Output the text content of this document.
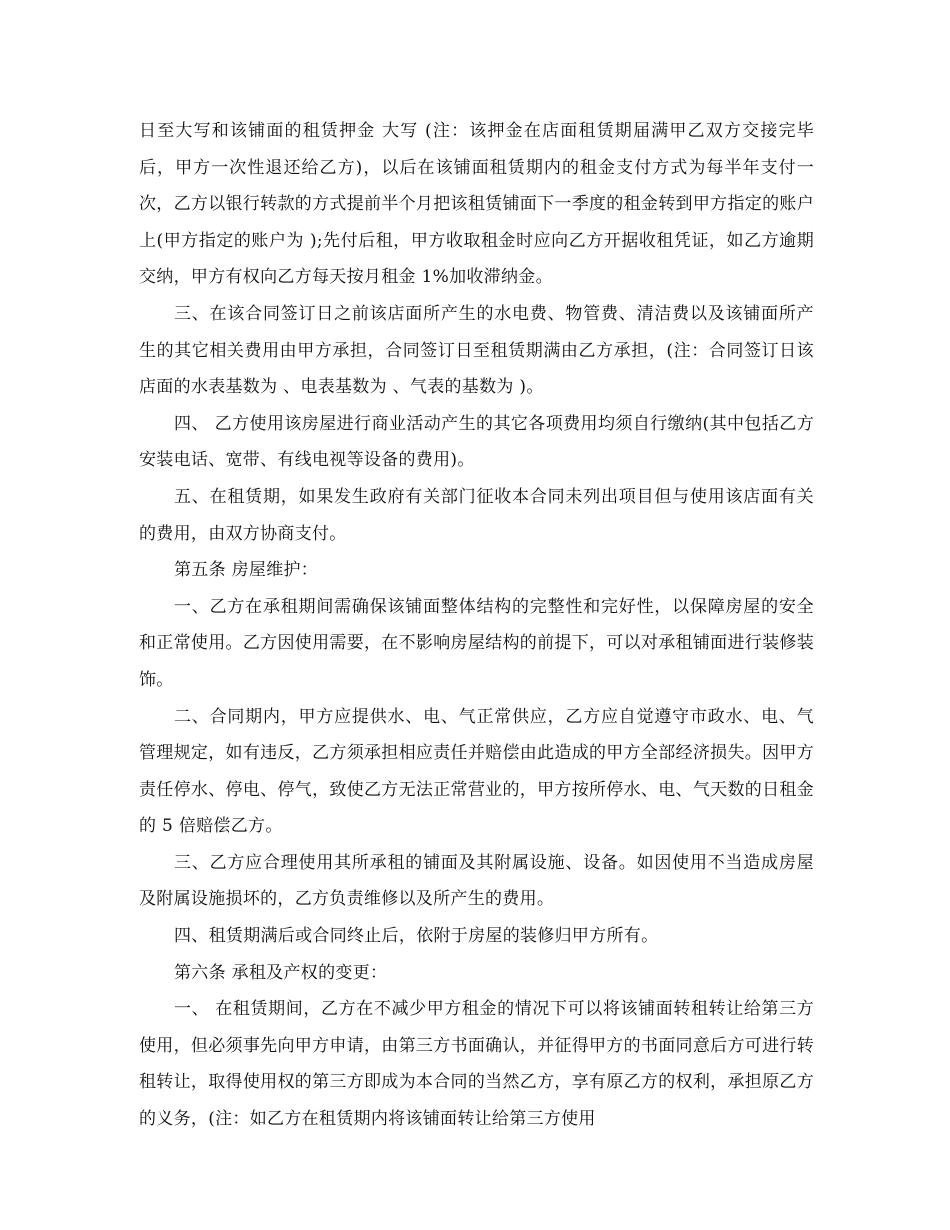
日至大写和该铺面的租赁押金 大写 (注：该押金在店面租赁期届满甲乙双方交接完毕后，甲方一次性退还给乙方)，以后在该铺面租赁期内的租金支付方式为每半年支付一次，乙方以银行转款的方式提前半个月把该租赁铺面下一季度的租金转到甲方指定的账户上(甲方指定的账户为 );先付后租，甲方收取租金时应向乙方开据收租凭证，如乙方逾期交纳，甲方有权向乙方每天按月租金 1%加收滞纳金。

三、在该合同签订日之前该店面所产生的水电费、物管费、清洁费以及该铺面所产生的其它相关费用由甲方承担，合同签订日至租赁期满由乙方承担，(注：合同签订日该店面的水表基数为 、电表基数为 、气表的基数为 )。

四、 乙方使用该房屋进行商业活动产生的其它各项费用均须自行缴纳(其中包括乙方安装电话、宽带、有线电视等设备的费用)。

五、在租赁期，如果发生政府有关部门征收本合同未列出项目但与使用该店面有关的费用，由双方协商支付。

第五条 房屋维护：

一、乙方在承租期间需确保该铺面整体结构的完整性和完好性，以保障房屋的安全和正常使用。乙方因使用需要，在不影响房屋结构的前提下，可以对承租铺面进行装修装饰。

二、合同期内，甲方应提供水、电、气正常供应，乙方应自觉遵守市政水、电、气管理规定，如有违反，乙方须承担相应责任并赔偿由此造成的甲方全部经济损失。因甲方责任停水、停电、停气，致使乙方无法正常营业的，甲方按所停水、电、气天数的日租金的 5 倍赔偿乙方。

三、乙方应合理使用其所承租的铺面及其附属设施、设备。如因使用不当造成房屋及附属设施损坏的，乙方负责维修以及所产生的费用。

四、租赁期满后或合同终止后，依附于房屋的装修归甲方所有。

第六条 承租及产权的变更：

一、 在租赁期间，乙方在不减少甲方租金的情况下可以将该铺面转租转让给第三方使用，但必须事先向甲方申请，由第三方书面确认，并征得甲方的书面同意后方可进行转租转让，取得使用权的第三方即成为本合同的当然乙方，享有原乙方的权利，承担原乙方的义务，(注：如乙方在租赁期内将该铺面转让给第三方使用
